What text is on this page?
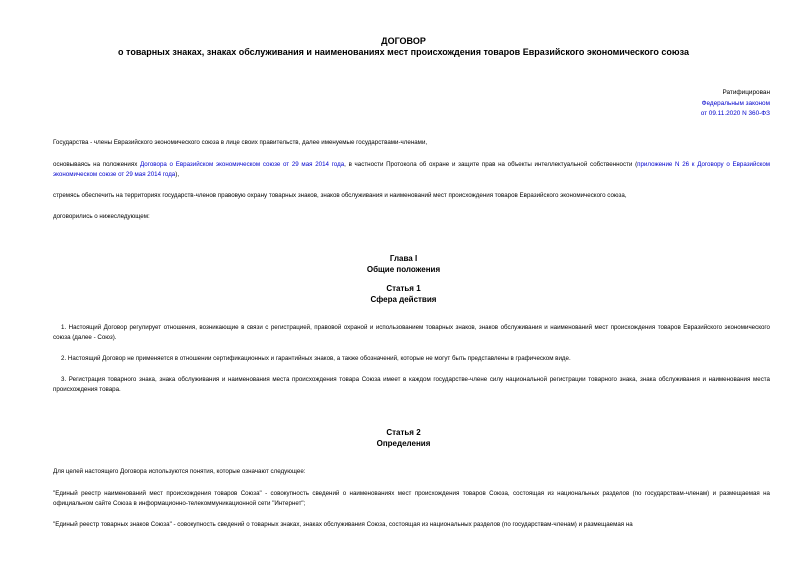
ДОГОВОР
о товарных знаках, знаках обслуживания и наименованиях мест происхождения товаров Евразийского экономического союза
Ратифицирован
Федеральным законом
от 09.11.2020 N 360-ФЗ
Государства - члены Евразийского экономического союза в лице своих правительств, далее именуемые государствами-членами,
основываясь на положениях Договора о Евразийском экономическом союзе от 29 мая 2014 года, в частности Протокола об охране и защите прав на объекты интеллектуальной собственности (приложение N 26 к Договору о Евразийском экономическом союзе от 29 мая 2014 года),
стремясь обеспечить на территориях государств-членов правовую охрану товарных знаков, знаков обслуживания и наименований мест происхождения товаров Евразийского экономического союза,
договорились о нижеследующем:
Глава I
Общие положения
Статья 1
Сфера действия
1. Настоящий Договор регулирует отношения, возникающие в связи с регистрацией, правовой охраной и использованием товарных знаков, знаков обслуживания и наименований мест происхождения товаров Евразийского экономического союза (далее - Союз).
2. Настоящий Договор не применяется в отношении сертификационных и гарантийных знаков, а также обозначений, которые не могут быть представлены в графическом виде.
3. Регистрация товарного знака, знака обслуживания и наименования места происхождения товара Союза имеет в каждом государстве-члене силу национальной регистрации товарного знака, знака обслуживания и наименования места происхождения товара.
Статья 2
Определения
Для целей настоящего Договора используются понятия, которые означают следующее:
"Единый реестр наименований мест происхождения товаров Союза" - совокупность сведений о наименованиях мест происхождения товаров Союза, состоящая из национальных разделов (по государствам-членам) и размещаемая на официальном сайте Союза в информационно-телекоммуникационной сети "Интернет";
"Единый реестр товарных знаков Союза" - совокупность сведений о товарных знаках, знаках обслуживания Союза, состоящая из национальных разделов (по государствам-членам) и размещаемая на
